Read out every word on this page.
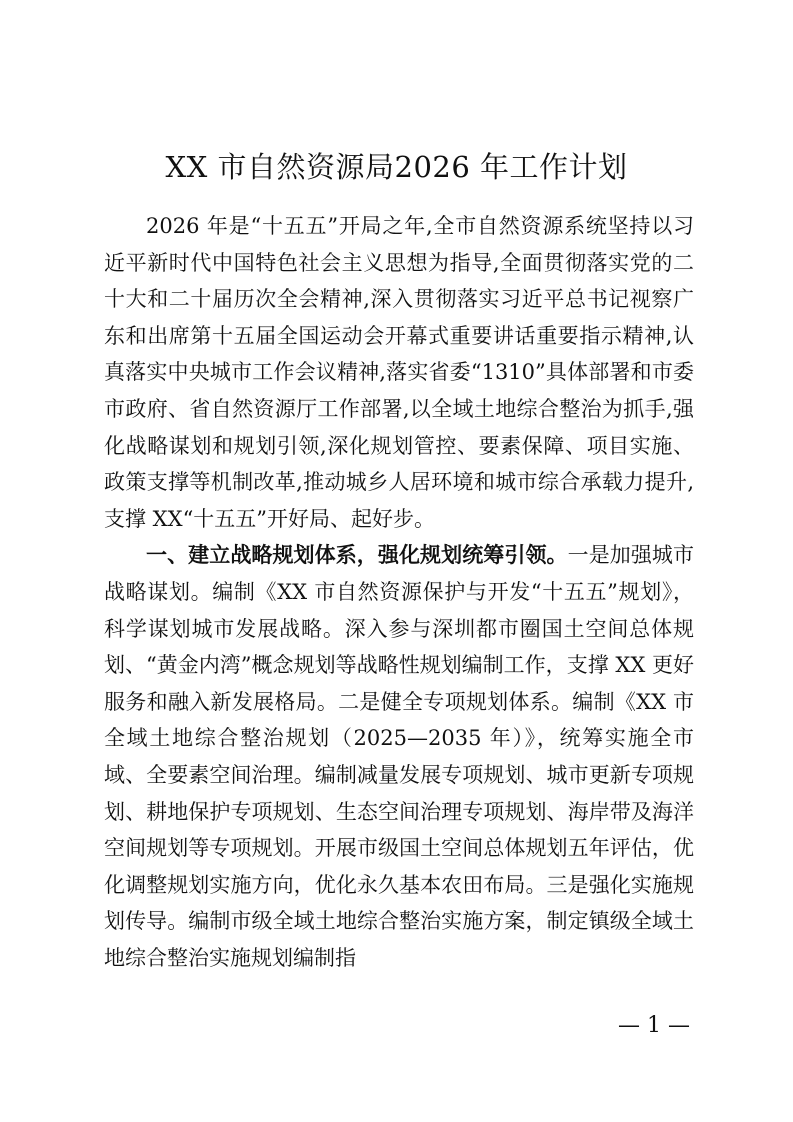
XX 市自然资源局2026 年工作计划

2026 年是“十五五”开局之年,全市自然资源系统坚持以习近平新时代中国特色社会主义思想为指导,全面贯彻落实党的二十大和二十届历次全会精神,深入贯彻落实习近平总书记视察广东和出席第十五届全国运动会开幕式重要讲话重要指示精神,认真落实中央城市工作会议精神,落实省委“1310”具体部署和市委市政府、省自然资源厅工作部署,以全域土地综合整治为抓手,强化战略谋划和规划引领,深化规划管控、要素保障、项目实施、政策支撑等机制改革,推动城乡人居环境和城市综合承载力提升,支撑 XX“十五五”开好局、起好步。

一、建立战略规划体系，强化规划统筹引领。一是加强城市战略谋划。编制《XX 市自然资源保护与开发“十五五”规划》，科学谋划城市发展战略。深入参与深圳都市圈国土空间总体规划、“黄金内湾”概念规划等战略性规划编制工作，支撑 XX 更好服务和融入新发展格局。二是健全专项规划体系。编制《XX 市全域土地综合整治规划（2025—2035 年）》，统筹实施全市域、全要素空间治理。编制减量发展专项规划、城市更新专项规划、耕地保护专项规划、生态空间治理专项规划、海岸带及海洋空间规划等专项规划。开展市级国土空间总体规划五年评估，优化调整规划实施方向，优化永久基本农田布局。三是强化实施规划传导。编制市级全域土地综合整治实施方案，制定镇级全域土地综合整治实施规划编制指

— 1 —
